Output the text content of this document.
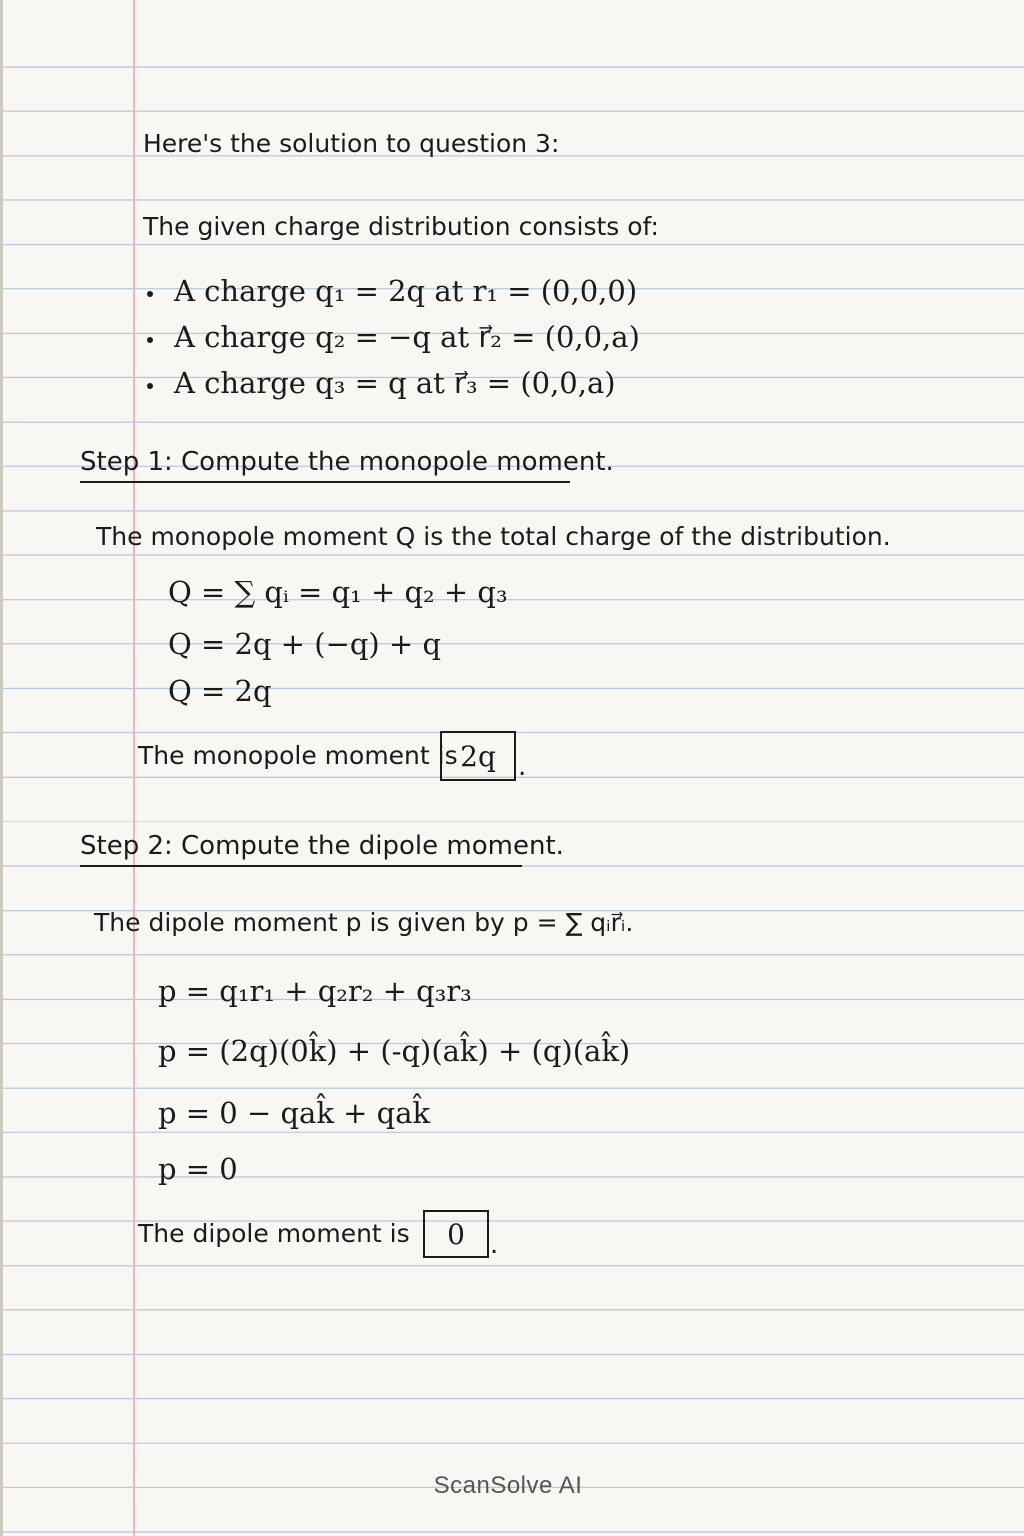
Here's the solution to question 3:
The given charge distribution consists of:
A charge q₁ = 2q at r₁ = (0,0,0)
A charge q₂ = −q at r⃗₂ = (0,0,a)
A charge q₃ = q at r⃗₃ = (0,0,a)
Step 1: Compute the monopole moment.
The monopole moment Q is the total charge of the distribution.
Q = ∑ qᵢ = q₁ + q₂ + q₃
Q = 2q + (−q) + q
Q = 2q
The monopole moment is 2q .
Step 2: Compute the dipole moment.
The dipole moment p is given by p = ∑ qᵢr⃗ᵢ.
p = q₁r₁ + q₂r₂ + q₃r₃
p = (2q)(0k̂) + (-q)(ak̂) + (q)(ak̂)
p = 0 − qak̂ + qak̂
p = 0
The dipole moment is 0 .
ScanSolve AI
